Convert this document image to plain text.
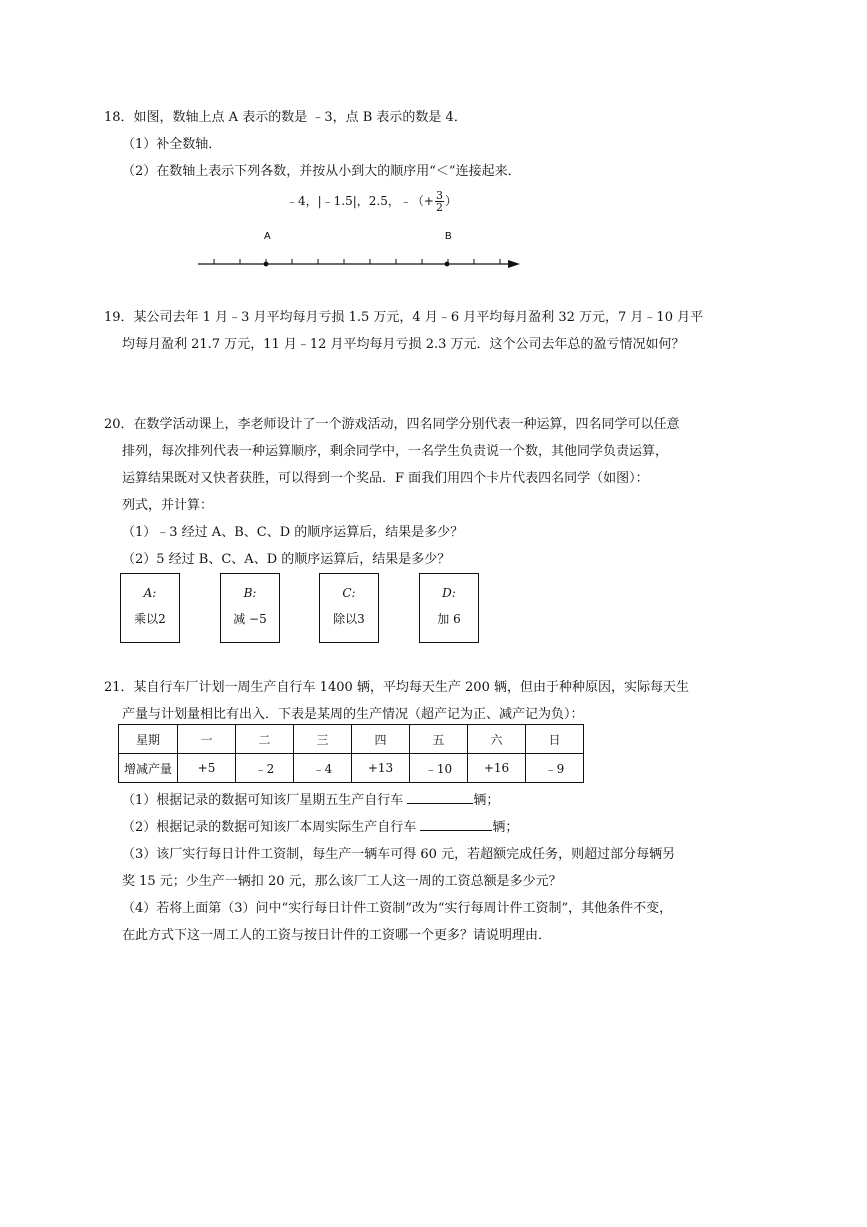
18．如图，数轴上点 A 表示的数是 ﹣3，点 B 表示的数是 4．
（1）补全数轴．
（2）在数轴上表示下列各数，并按从小到大的顺序用“＜”连接起来．
﹣4，|﹣1.5|，2.5，﹣（+ $\frac{3}{2}$ ）
A	B
19．某公司去年 1 月﹣3 月平均每月亏损 1.5 万元，4 月﹣6 月平均每月盈利 32 万元，7 月﹣10 月平
均每月盈利 21.7 万元，11 月﹣12 月平均每月亏损 2.3 万元．这个公司去年总的盈亏情况如何？
20．在数学活动课上，李老师设计了一个游戏活动，四名同学分别代表一种运算，四名同学可以任意
排列，每次排列代表一种运算顺序，剩余同学中，一名学生负责说一个数，其他同学负责运算，
运算结果既对又快者获胜，可以得到一个奖品．F 面我们用四个卡片代表四名同学（如图）：
列式，并计算：
（1）﹣3 经过 A、B、C、D 的顺序运算后，结果是多少？
（2）5 经过 B、C、A、D 的顺序运算后，结果是多少？
A:
乘以2
B:
减 −5
C:
除以3
D:
加 6
21．某自行车厂计划一周生产自行车 1400 辆，平均每天生产 200 辆，但由于种种原因，实际每天生
产量与计划量相比有出入．下表是某周的生产情况（超产记为正、减产记为负）：
星期	一	二	三	四	五	六	日
增减产量	+5	﹣2	﹣4	+13	﹣10	+16	﹣9
（1）根据记录的数据可知该厂星期五生产自行车	辆；
（2）根据记录的数据可知该厂本周实际生产自行车	辆；
（3）该厂实行每日计件工资制，每生产一辆车可得 60 元，若超额完成任务，则超过部分每辆另
奖 15 元；少生产一辆扣 20 元，那么该厂工人这一周的工资总额是多少元？
（4）若将上面第（3）问中“实行每日计件工资制”改为“实行每周计件工资制”，其他条件不变，
在此方式下这一周工人的工资与按日计件的工资哪一个更多？请说明理由．
